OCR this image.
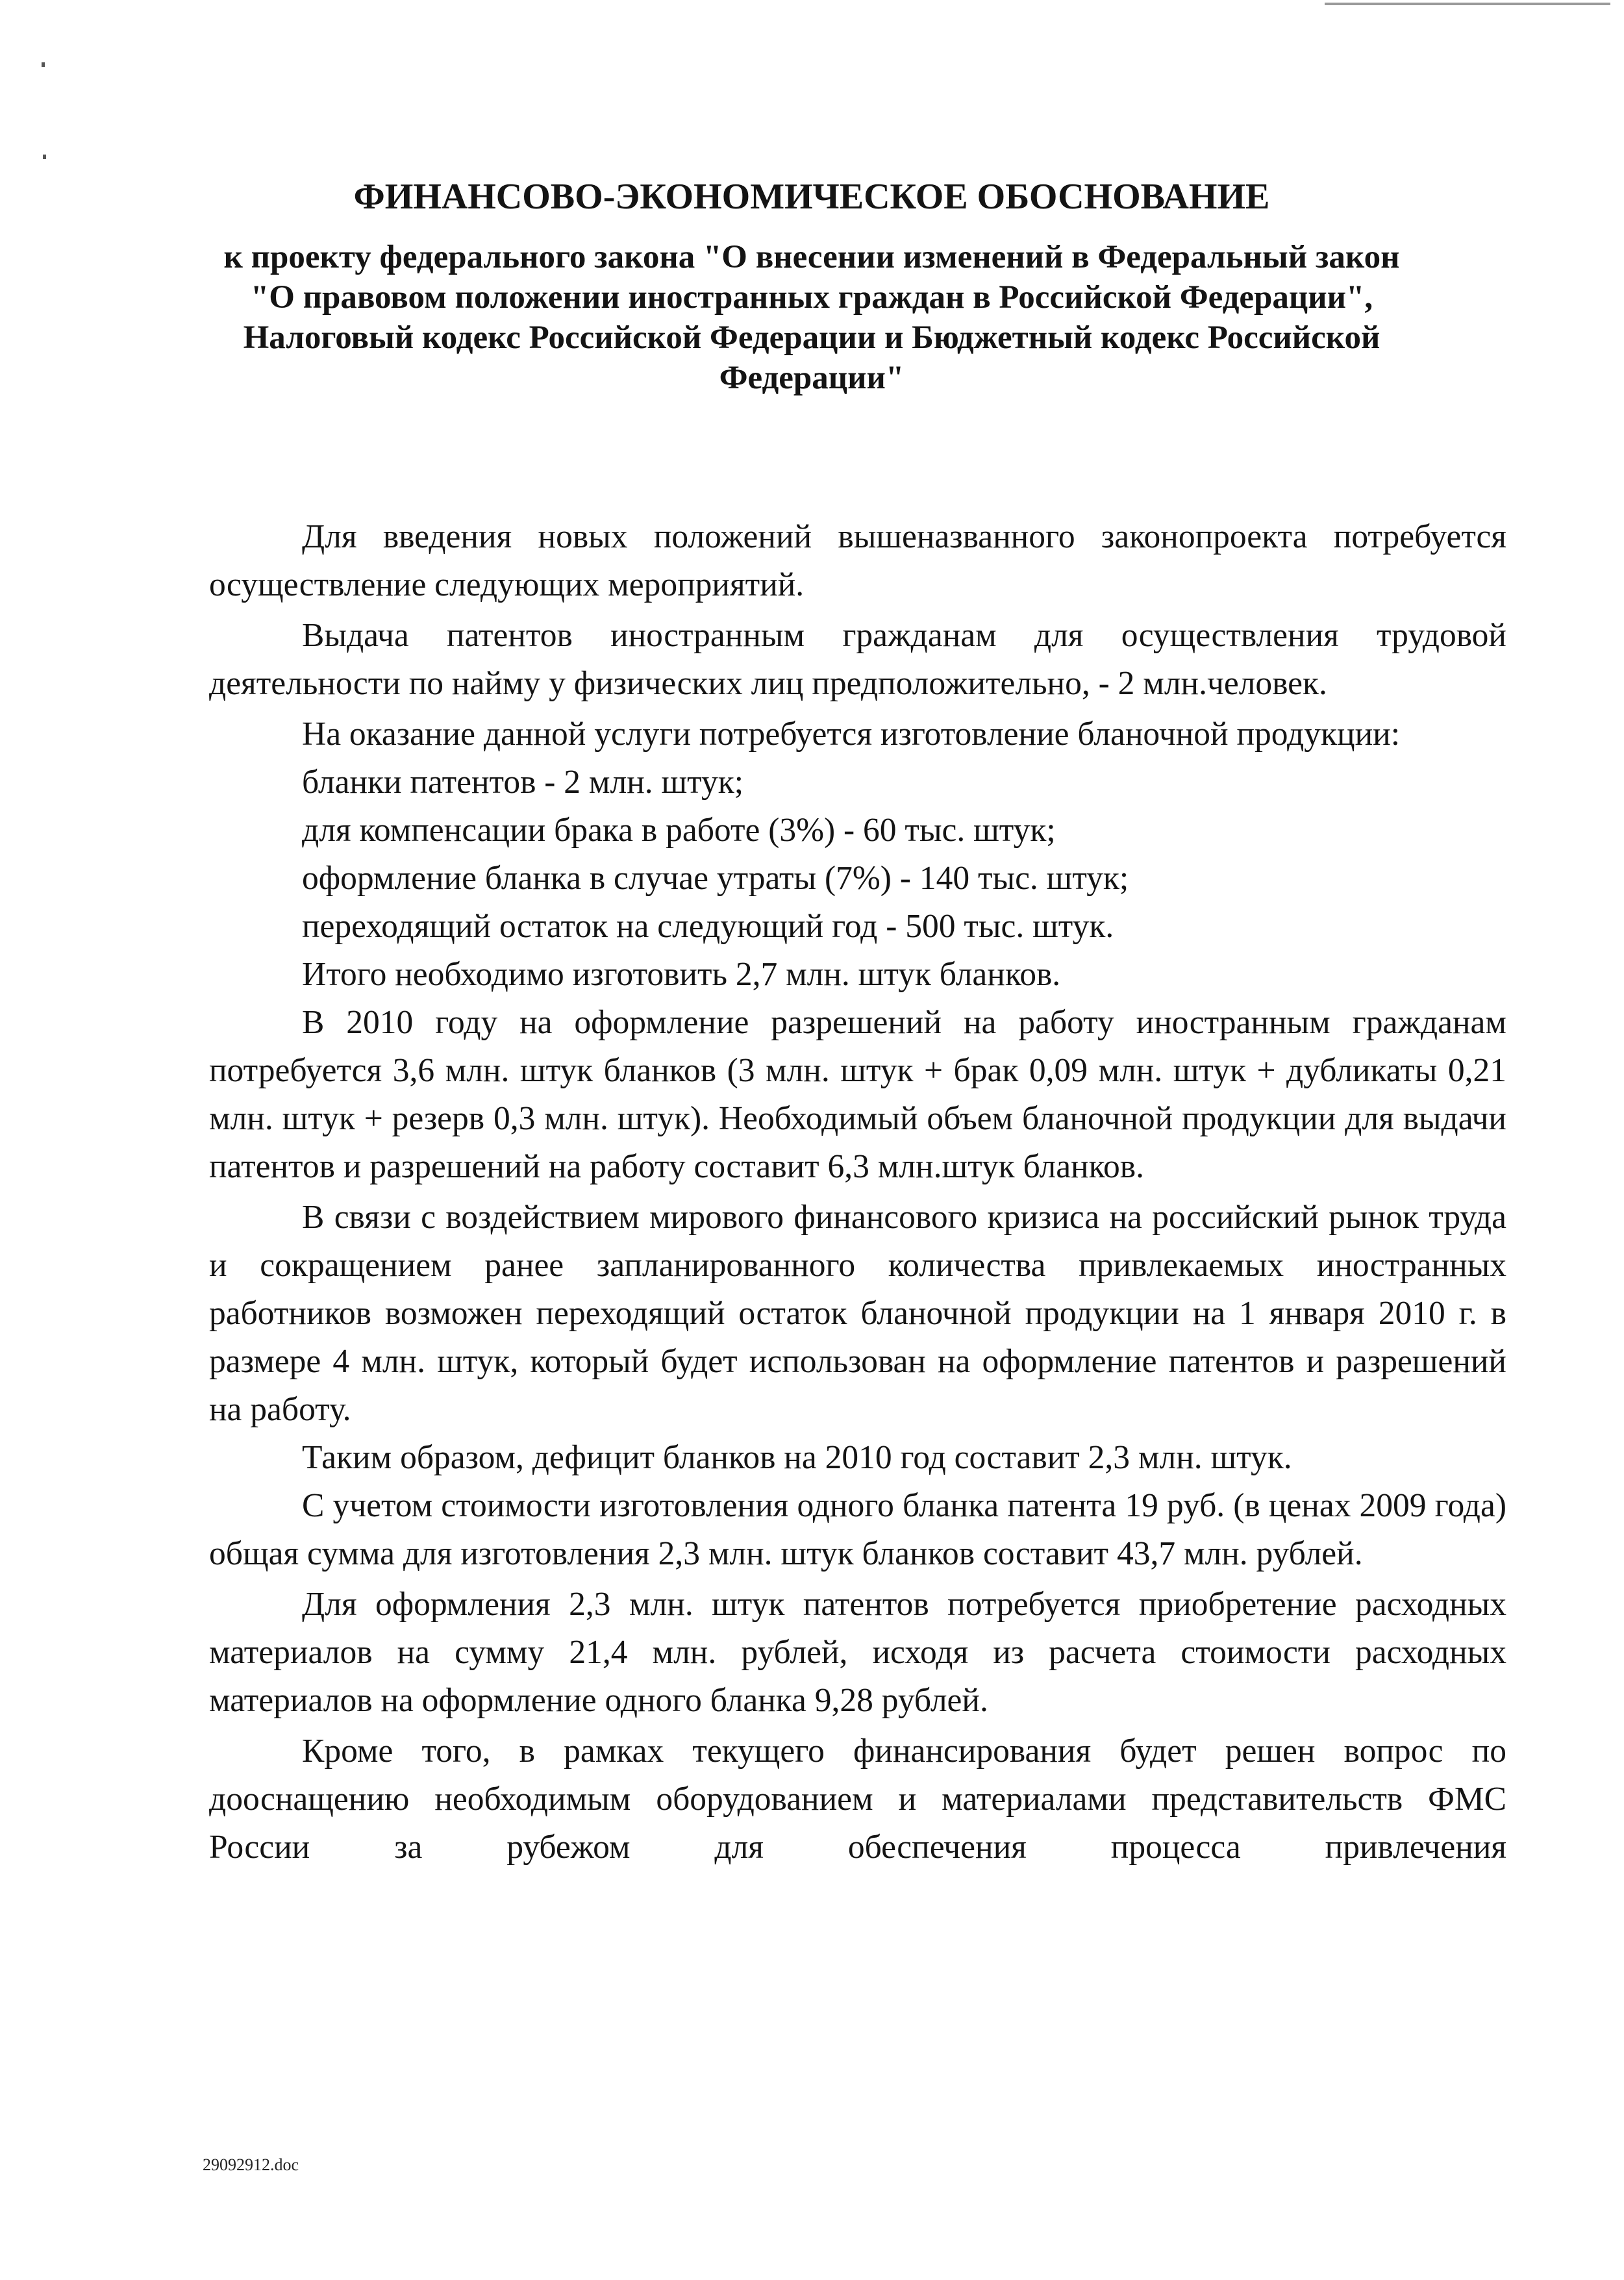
ФИНАНСОВО-ЭКОНОМИЧЕСКОЕ ОБОСНОВАНИЕ
к проекту федерального закона "О внесении изменений в Федеральный закон "О правовом положении иностранных граждан в Российской Федерации", Налоговый кодекс Российской Федерации и Бюджетный кодекс Российской Федерации"

Для введения новых положений вышеназванного законопроекта потребуется осуществление следующих мероприятий.

Выдача патентов иностранным гражданам для осуществления трудовой деятельности по найму у физических лиц предположительно, - 2 млн.человек.

На оказание данной услуги потребуется изготовление бланочной продукции:

бланки патентов - 2 млн. штук;

для компенсации брака в работе (3%) - 60 тыс. штук;

оформление бланка в случае утраты (7%) - 140 тыс. штук;

переходящий остаток на следующий год - 500 тыс. штук.

Итого необходимо изготовить 2,7 млн. штук бланков.

В 2010 году на оформление разрешений на работу иностранным гражданам потребуется 3,6 млн. штук бланков (3 млн. штук + брак 0,09 млн. штук + дубликаты 0,21 млн. штук + резерв 0,3 млн. штук). Необходимый объем бланочной продукции для выдачи патентов и разрешений на работу составит 6,3 млн.штук бланков.

В связи с воздействием мирового финансового кризиса на российский рынок труда и сокращением ранее запланированного количества привлекаемых иностранных работников возможен переходящий остаток бланочной продукции на 1 января 2010 г. в размере 4 млн. штук, который будет использован на оформление патентов и разрешений на работу.

Таким образом, дефицит бланков на 2010 год составит 2,3 млн. штук.

С учетом стоимости изготовления одного бланка патента 19 руб. (в ценах 2009 года) общая сумма для изготовления 2,3 млн. штук бланков составит 43,7 млн. рублей.

Для оформления 2,3 млн. штук патентов потребуется приобретение расходных материалов на сумму 21,4 млн. рублей, исходя из расчета стоимости расходных материалов на оформление одного бланка 9,28 рублей.

Кроме того, в рамках текущего финансирования будет решен вопрос по дооснащению необходимым оборудованием и материалами представительств ФМС России за рубежом для обеспечения процесса привлечения

29092912.doc
